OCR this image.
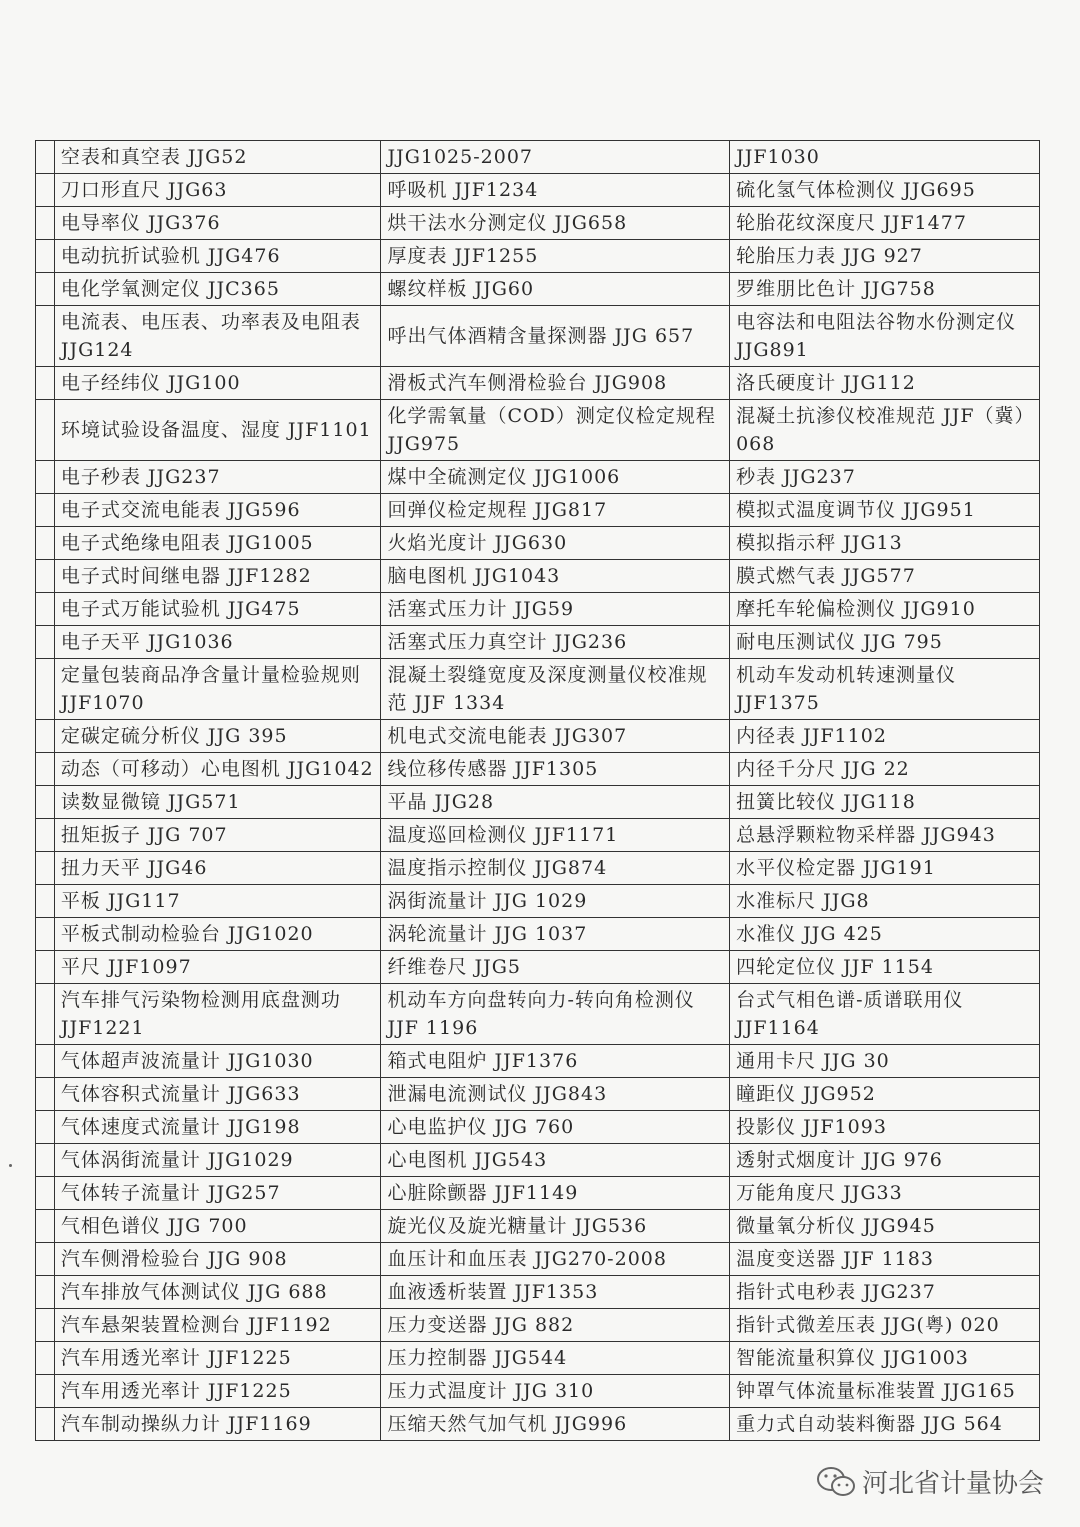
	空表和真空表 JJG52	JJG1025-2007	JJF1030
	刀口形直尺 JJG63	呼吸机 JJF1234	硫化氢气体检测仪 JJG695
	电导率仪 JJG376	烘干法水分测定仪 JJG658	轮胎花纹深度尺 JJF1477
	电动抗折试验机 JJG476	厚度表 JJF1255	轮胎压力表 JJG 927
	电化学氧测定仪 JJC365	螺纹样板 JJG60	罗维朋比色计 JJG758
	电流表、电压表、功率表及电阻表 JJG124	呼出气体酒精含量探测器 JJG 657	电容法和电阻法谷物水份测定仪 JJG891
	电子经纬仪 JJG100	滑板式汽车侧滑检验台 JJG908	洛氏硬度计 JJG112
	环境试验设备温度、湿度 JJF1101	化学需氧量（COD）测定仪检定规程 JJG975	混凝土抗渗仪校准规范 JJF（冀）068
	电子秒表 JJG237	煤中全硫测定仪 JJG1006	秒表 JJG237
	电子式交流电能表 JJG596	回弹仪检定规程 JJG817	模拟式温度调节仪 JJG951
	电子式绝缘电阻表 JJG1005	火焰光度计 JJG630	模拟指示秤 JJG13
	电子式时间继电器 JJF1282	脑电图机 JJG1043	膜式燃气表 JJG577
	电子式万能试验机 JJG475	活塞式压力计 JJG59	摩托车轮偏检测仪 JJG910
	电子天平 JJG1036	活塞式压力真空计 JJG236	耐电压测试仪 JJG 795
	定量包装商品净含量计量检验规则 JJF1070	混凝土裂缝宽度及深度测量仪校准规范 JJF 1334	机动车发动机转速测量仪 JJF1375
	定碳定硫分析仪 JJG 395	机电式交流电能表 JJG307	内径表 JJF1102
	动态（可移动）心电图机 JJG1042	线位移传感器 JJF1305	内径千分尺 JJG 22
	读数显微镜 JJG571	平晶 JJG28	扭簧比较仪 JJG118
	扭矩扳子 JJG 707	温度巡回检测仪 JJF1171	总悬浮颗粒物采样器 JJG943
	扭力天平 JJG46	温度指示控制仪 JJG874	水平仪检定器 JJG191
	平板 JJG117	涡街流量计 JJG 1029	水准标尺 JJG8
	平板式制动检验台 JJG1020	涡轮流量计 JJG 1037	水准仪 JJG 425
	平尺 JJF1097	纤维卷尺 JJG5	四轮定位仪 JJF 1154
	汽车排气污染物检测用底盘测功 JJF1221	机动车方向盘转向力-转向角检测仪 JJF 1196	台式气相色谱-质谱联用仪 JJF1164
	气体超声波流量计 JJG1030	箱式电阻炉 JJF1376	通用卡尺 JJG 30
	气体容积式流量计 JJG633	泄漏电流测试仪 JJG843	瞳距仪 JJG952
	气体速度式流量计 JJG198	心电监护仪 JJG 760	投影仪 JJF1093
	气体涡街流量计 JJG1029	心电图机 JJG543	透射式烟度计 JJG 976
	气体转子流量计 JJG257	心脏除颤器 JJF1149	万能角度尺 JJG33
	气相色谱仪 JJG 700	旋光仪及旋光糖量计 JJG536	微量氧分析仪 JJG945
	汽车侧滑检验台 JJG 908	血压计和血压表 JJG270-2008	温度变送器 JJF 1183
	汽车排放气体测试仪 JJG 688	血液透析装置 JJF1353	指针式电秒表 JJG237
	汽车悬架装置检测台 JJF1192	压力变送器 JJG 882	指针式微差压表 JJG(粤) 020
	汽车用透光率计 JJF1225	压力控制器 JJG544	智能流量积算仪 JJG1003
	汽车用透光率计 JJF1225	压力式温度计 JJG 310	钟罩气体流量标准装置 JJG165
	汽车制动操纵力计 JJF1169	压缩天然气加气机 JJG996	重力式自动装料衡器 JJG 564
河北省计量协会
